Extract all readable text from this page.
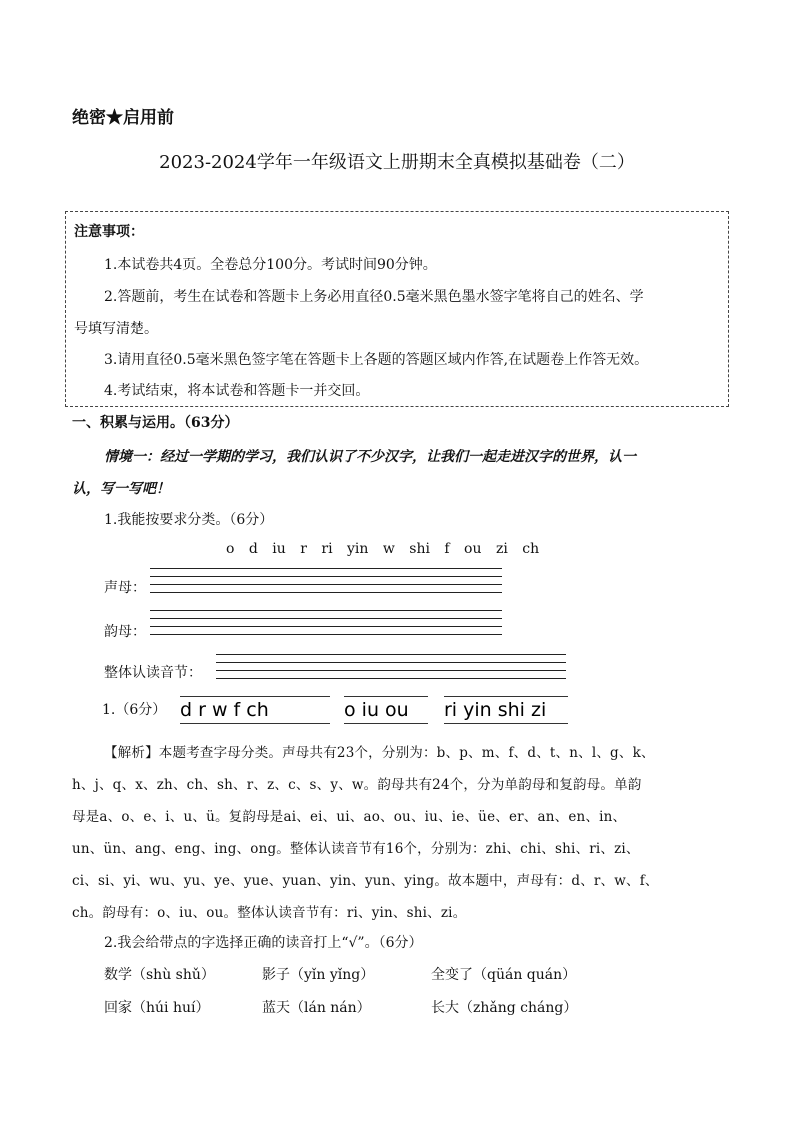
绝密★启用前
2023-2024学年一年级语文上册期末全真模拟基础卷（二）
注意事项：
1.本试卷共4页。全卷总分100分。考试时间90分钟。
2.答题前，考生在试卷和答题卡上务必用直径0.5毫米黑色墨水签字笔将自己的姓名、学
号填写清楚。
3.请用直径0.5毫米黑色签字笔在答题卡上各题的答题区域内作答,在试题卷上作答无效。
4.考试结束，将本试卷和答题卡一并交回。
一、积累与运用。（63分）
情境一：经过一学期的学习，我们认识了不少汉字，让我们一起走进汉字的世界，认一
认，写一写吧！
1.我能按要求分类。（6分）
o d iu r ri yin w shi f ou zi ch
声母：
韵母：
整体认读音节：
1.（6分） d r w f ch	o iu ou	ri yin shi zi
【解析】本题考查字母分类。声母共有23个，分别为：b、p、m、f、d、t、n、l、g、k、
h、j、q、x、zh、ch、sh、r、z、c、s、y、w。韵母共有24个，分为单韵母和复韵母。单韵
母是a、o、e、i、u、ü。复韵母是ai、ei、ui、ao、ou、iu、ie、üe、er、an、en、in、
un、ün、ang、eng、ing、ong。整体认读音节有16个，分别为：zhi、chi、shi、ri、zi、
ci、si、yi、wu、yu、ye、yue、yuan、yin、yun、ying。故本题中，声母有：d、r、w、f、
ch。韵母有：o、iu、ou。整体认读音节有：ri、yin、shi、zi。
2.我会给带点的字选择正确的读音打上“√”。（6分）
数学（shù shǔ）	影子（yǐn yǐng）	全变了（qüán quán）
回家（húi huí）	蓝天（lán nán）	长大（zhǎng cháng）
